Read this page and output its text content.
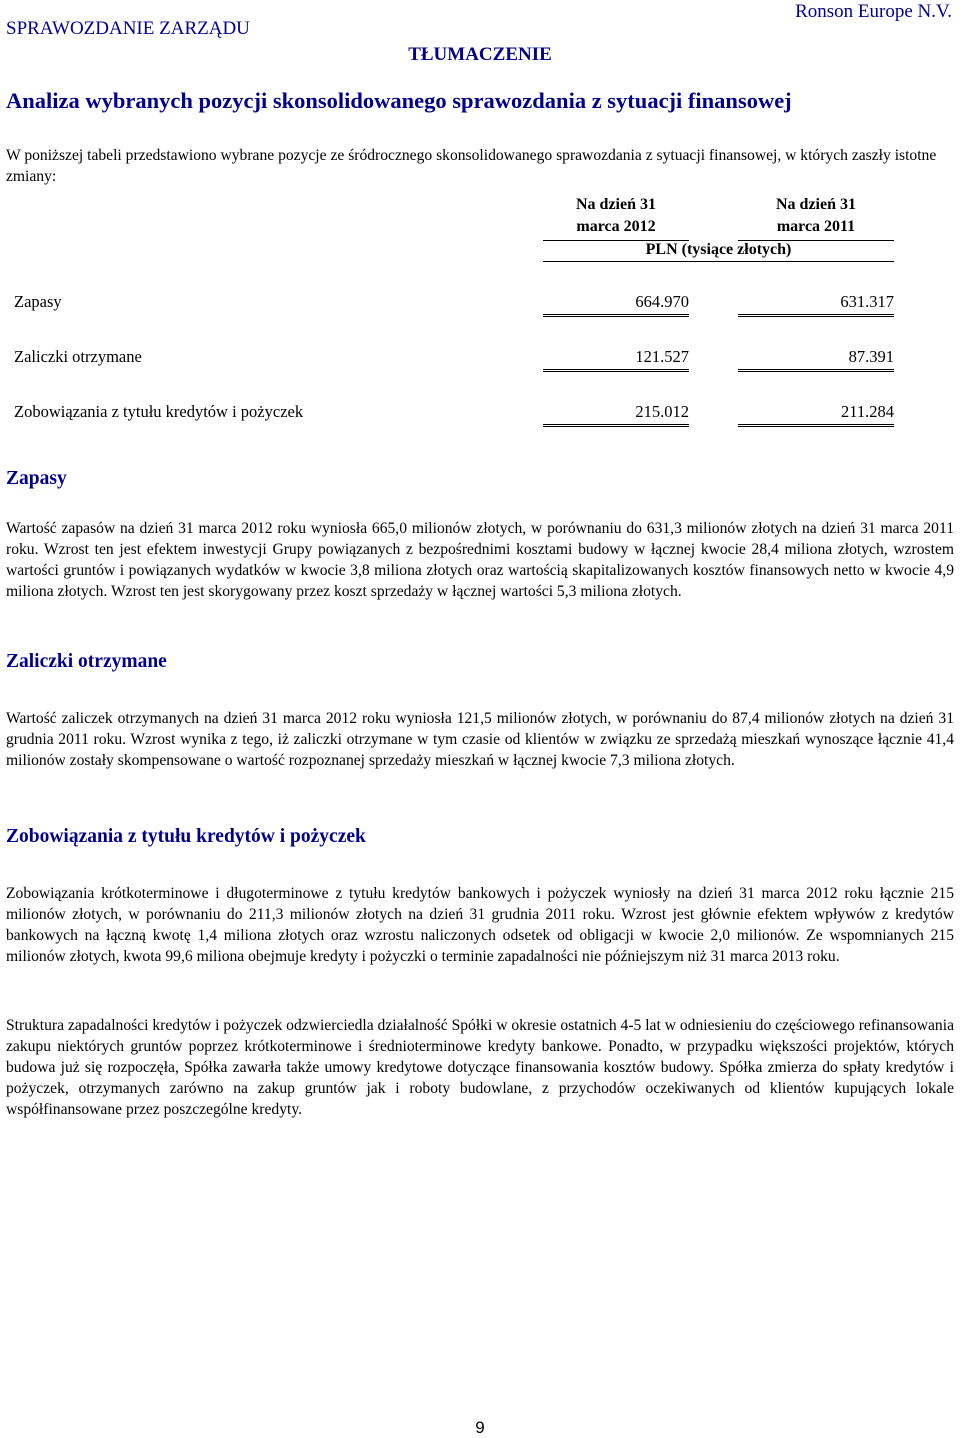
SPRAWOZDANIE ZARZĄDU
Ronson Europe N.V.
TŁUMACZENIE
Analiza wybranych pozycji skonsolidowanego sprawozdania z sytuacji finansowej
W poniższej tabeli przedstawiono wybrane pozycje ze śródrocznego skonsolidowanego sprawozdania z sytuacji finansowej, w których zaszły istotne zmiany:
Na dzień 31
marca 2012
Na dzień 31
marca 2011
PLN (tysiące złotych)
Zapasy	664.970	631.317
Zaliczki otrzymane	121.527	87.391
Zobowiązania z tytułu kredytów i pożyczek	215.012	211.284
Zapasy
Wartość zapasów na dzień 31 marca 2012 roku wyniosła 665,0 milionów złotych, w porównaniu do 631,3 milionów złotych na dzień 31 marca 2011 roku. Wzrost ten jest efektem inwestycji Grupy powiązanych z bezpośrednimi kosztami budowy w łącznej kwocie 28,4 miliona złotych, wzrostem wartości gruntów i powiązanych wydatków w kwocie 3,8 miliona złotych oraz wartością skapitalizowanych kosztów finansowych netto w kwocie 4,9 miliona złotych. Wzrost ten jest skorygowany przez koszt sprzedaży w łącznej wartości 5,3 miliona złotych.
Zaliczki otrzymane
Wartość zaliczek otrzymanych na dzień 31 marca 2012 roku wyniosła 121,5 milionów złotych, w porównaniu do 87,4 milionów złotych na dzień 31 grudnia 2011 roku. Wzrost wynika z tego, iż zaliczki otrzymane w tym czasie od klientów w związku ze sprzedażą mieszkań wynoszące łącznie 41,4 milionów zostały skompensowane o wartość rozpoznanej sprzedaży mieszkań w łącznej kwocie 7,3 miliona złotych.
Zobowiązania z tytułu kredytów i pożyczek
Zobowiązania krótkoterminowe i długoterminowe z tytułu kredytów bankowych i pożyczek wyniosły na dzień 31 marca 2012 roku łącznie 215 milionów złotych, w porównaniu do 211,3 milionów złotych na dzień 31 grudnia 2011 roku. Wzrost jest głównie efektem wpływów z kredytów bankowych na łączną kwotę 1,4 miliona złotych oraz wzrostu naliczonych odsetek od obligacji w kwocie 2,0 milionów. Ze wspomnianych 215 milionów złotych, kwota 99,6 miliona obejmuje kredyty i pożyczki o terminie zapadalności nie późniejszym niż 31 marca 2013 roku.
Struktura zapadalności kredytów i pożyczek odzwierciedla działalność Spółki w okresie ostatnich 4-5 lat w odniesieniu do częściowego refinansowania zakupu niektórych gruntów poprzez krótkoterminowe i średnioterminowe kredyty bankowe. Ponadto, w przypadku większości projektów, których budowa już się rozpoczęła, Spółka zawarła także umowy kredytowe dotyczące finansowania kosztów budowy. Spółka zmierza do spłaty kredytów i pożyczek, otrzymanych zarówno na zakup gruntów jak i roboty budowlane, z przychodów oczekiwanych od klientów kupujących lokale współfinansowane przez poszczególne kredyty.
9
